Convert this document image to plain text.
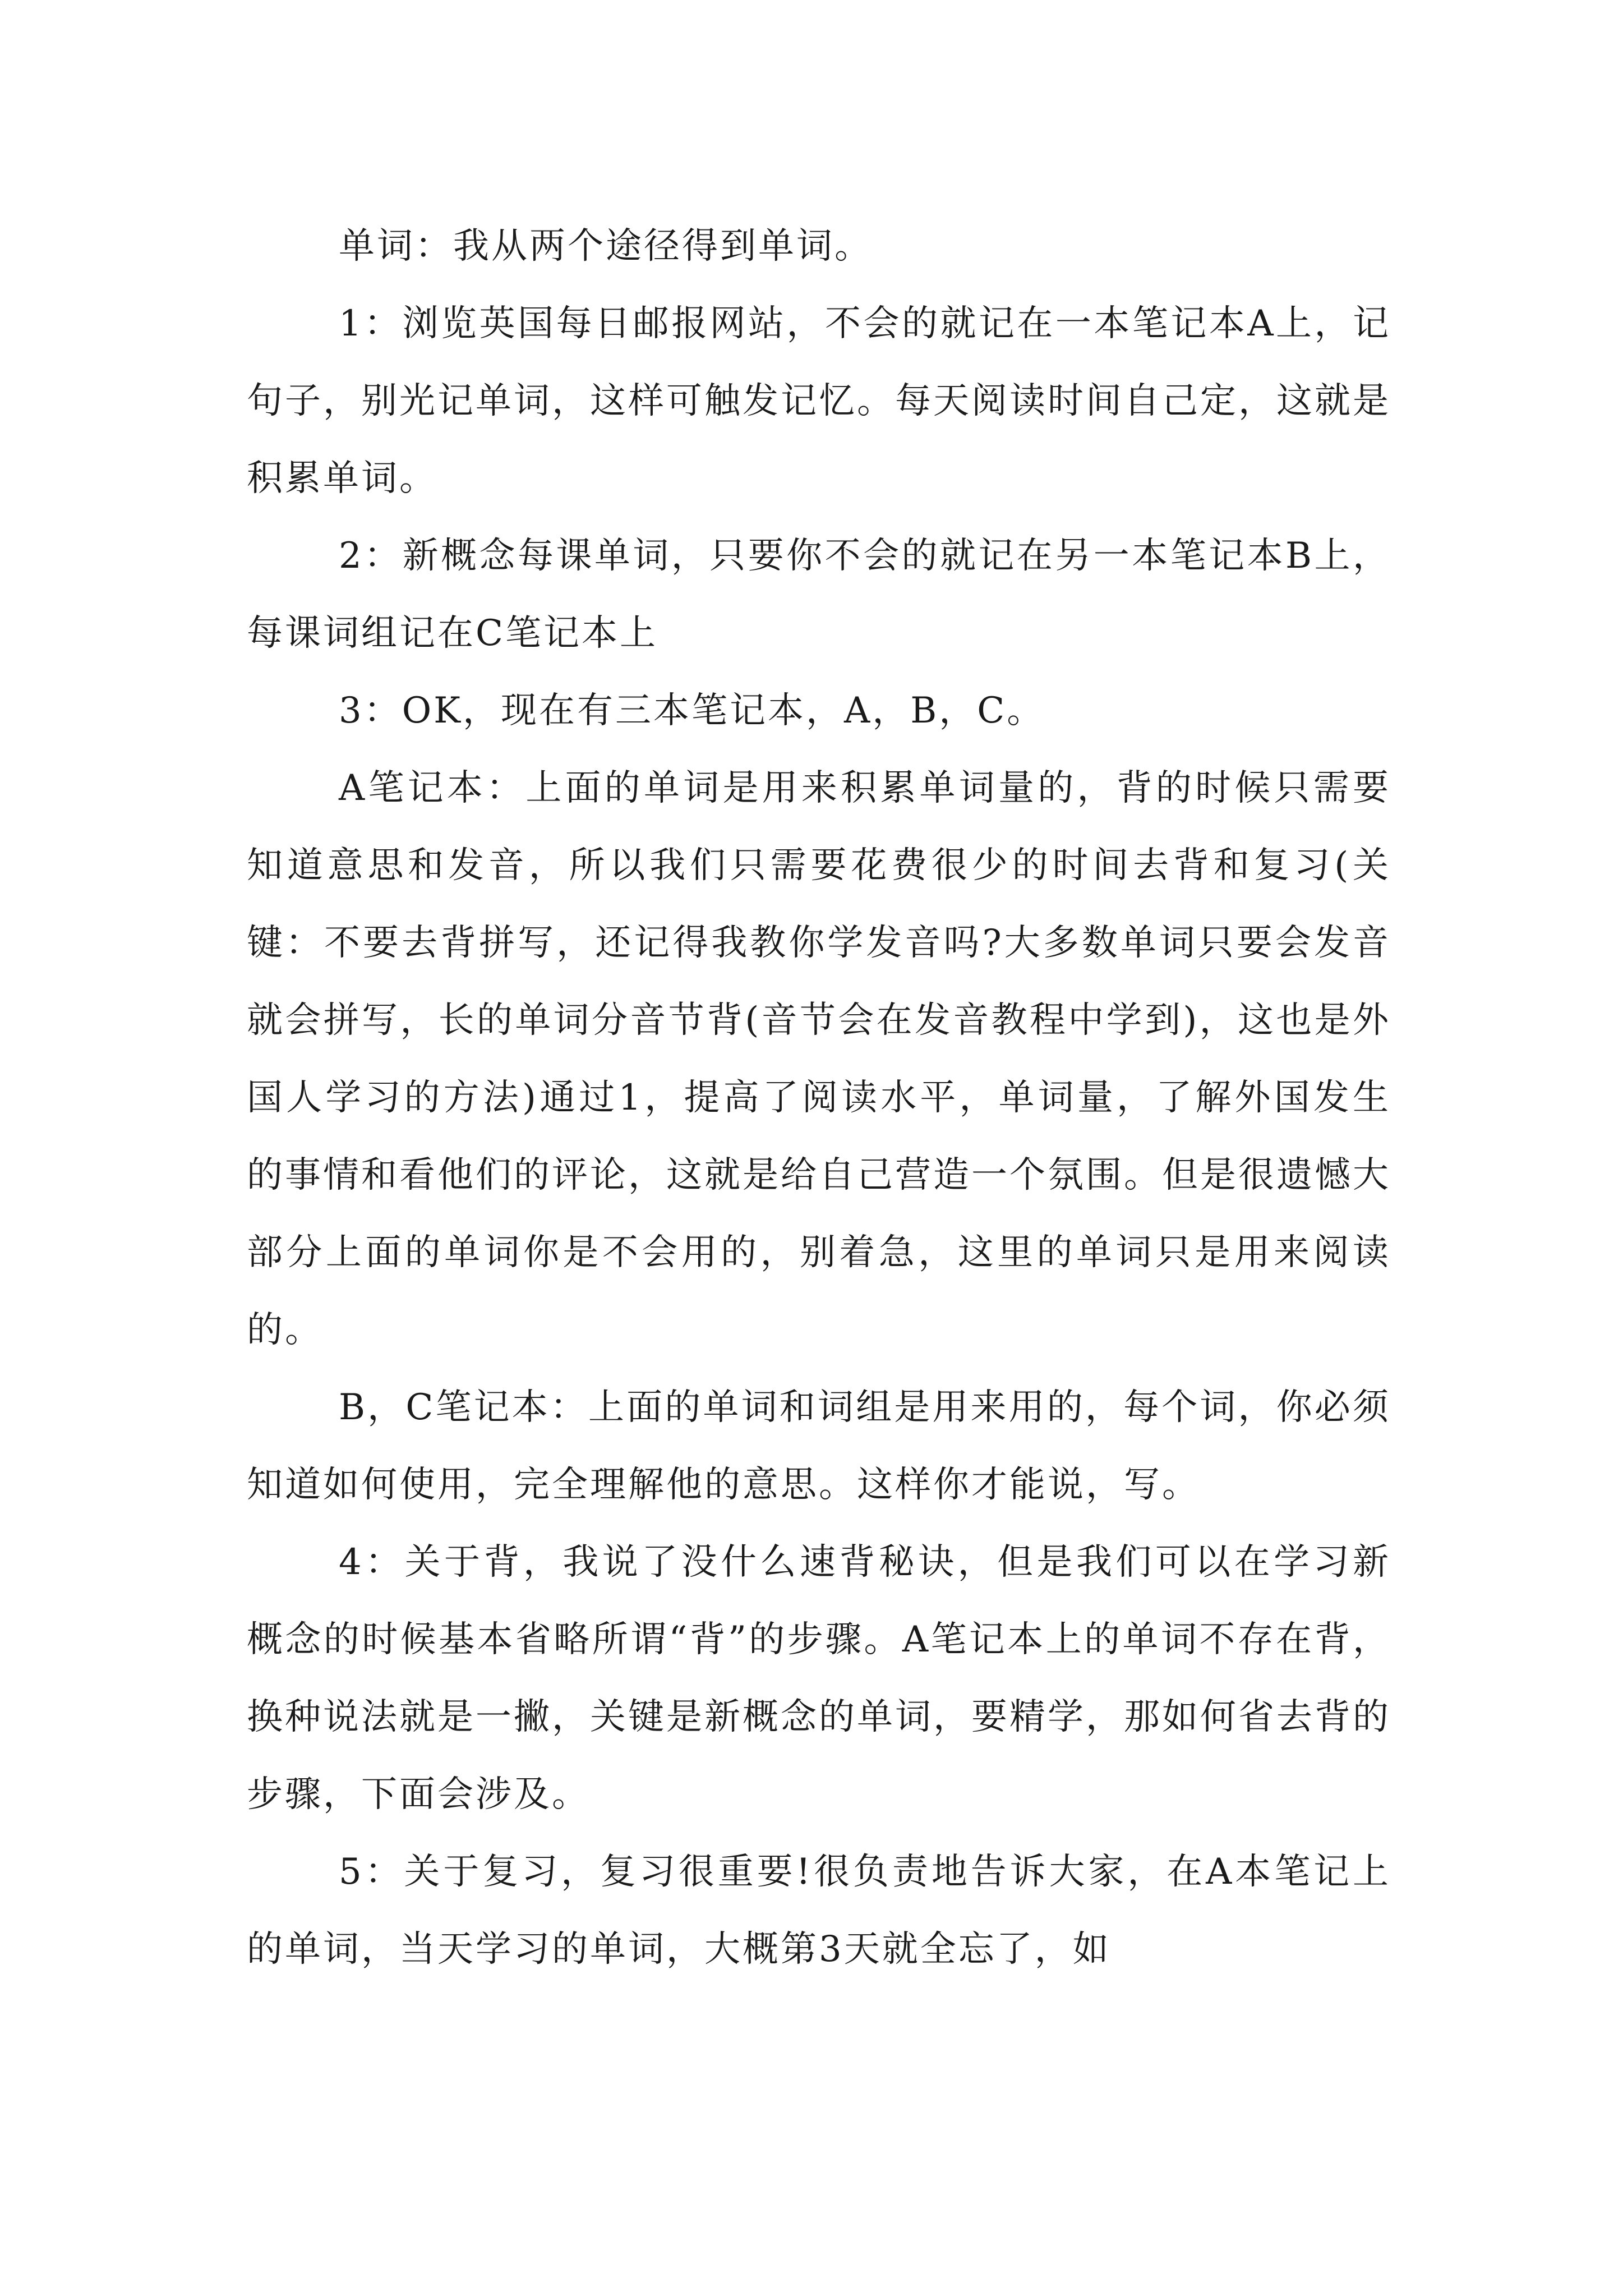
单词：我从两个途径得到单词。

1：浏览英国每日邮报网站，不会的就记在一本笔记本A上，记句子，别光记单词，这样可触发记忆。每天阅读时间自己定，这就是积累单词。

2：新概念每课单词，只要你不会的就记在另一本笔记本B上，每课词组记在C笔记本上

3：OK，现在有三本笔记本，A，B，C。

A笔记本：上面的单词是用来积累单词量的，背的时候只需要知道意思和发音，所以我们只需要花费很少的时间去背和复习(关键：不要去背拼写，还记得我教你学发音吗?大多数单词只要会发音就会拼写，长的单词分音节背(音节会在发音教程中学到)，这也是外国人学习的方法)通过1，提高了阅读水平，单词量，了解外国发生的事情和看他们的评论，这就是给自己营造一个氛围。但是很遗憾大部分上面的单词你是不会用的，别着急，这里的单词只是用来阅读的。

B，C笔记本：上面的单词和词组是用来用的，每个词，你必须知道如何使用，完全理解他的意思。这样你才能说，写。

4：关于背，我说了没什么速背秘诀，但是我们可以在学习新概念的时候基本省略所谓“背”的步骤。A笔记本上的单词不存在背，换种说法就是一撇，关键是新概念的单词，要精学，那如何省去背的步骤，下面会涉及。

5：关于复习，复习很重要!很负责地告诉大家，在A本笔记上的单词，当天学习的单词，大概第3天就全忘了，如
